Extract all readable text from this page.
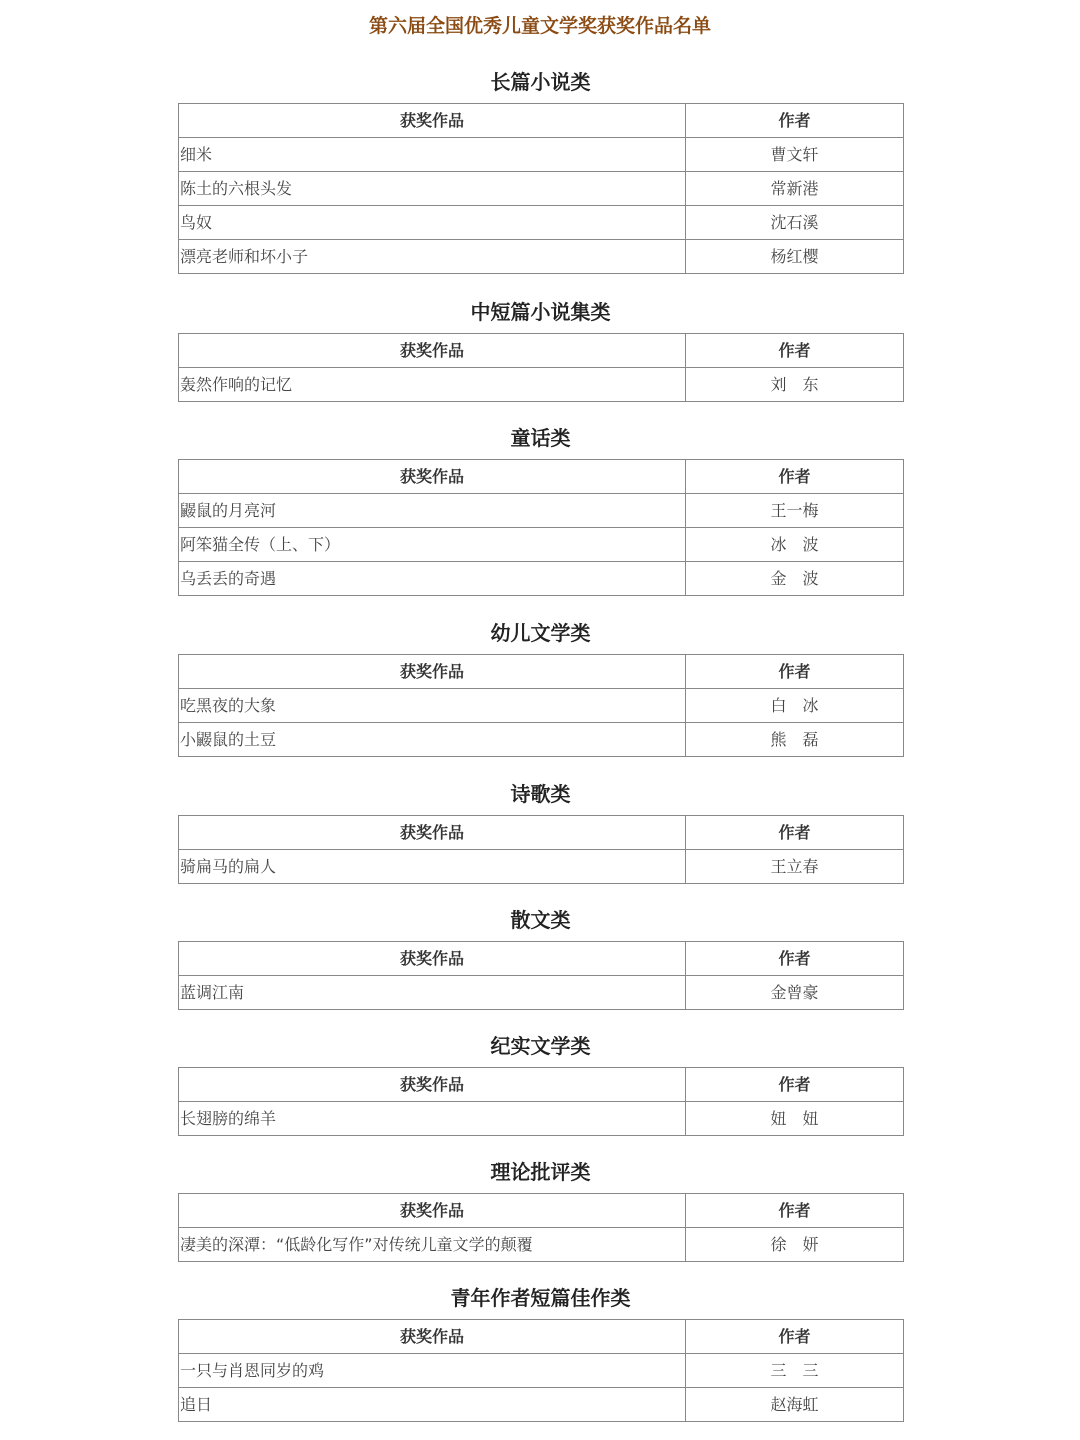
第六届全国优秀儿童文学奖获奖作品名单
长篇小说类
获奖作品	作者
细米	曹文轩
陈土的六根头发	常新港
鸟奴	沈石溪
漂亮老师和坏小子	杨红樱
中短篇小说集类
获奖作品	作者
轰然作响的记忆	刘　东
童话类
获奖作品	作者
鼹鼠的月亮河	王一梅
阿笨猫全传（上、下）	冰　波
乌丢丢的奇遇	金　波
幼儿文学类
获奖作品	作者
吃黑夜的大象	白　冰
小鼹鼠的土豆	熊　磊
诗歌类
获奖作品	作者
骑扁马的扁人	王立春
散文类
获奖作品	作者
蓝调江南	金曾豪
纪实文学类
获奖作品	作者
长翅膀的绵羊	妞　妞
理论批评类
获奖作品	作者
凄美的深潭：“低龄化写作”对传统儿童文学的颠覆	徐　妍
青年作者短篇佳作类
获奖作品	作者
一只与肖恩同岁的鸡	三　三
追日	赵海虹
